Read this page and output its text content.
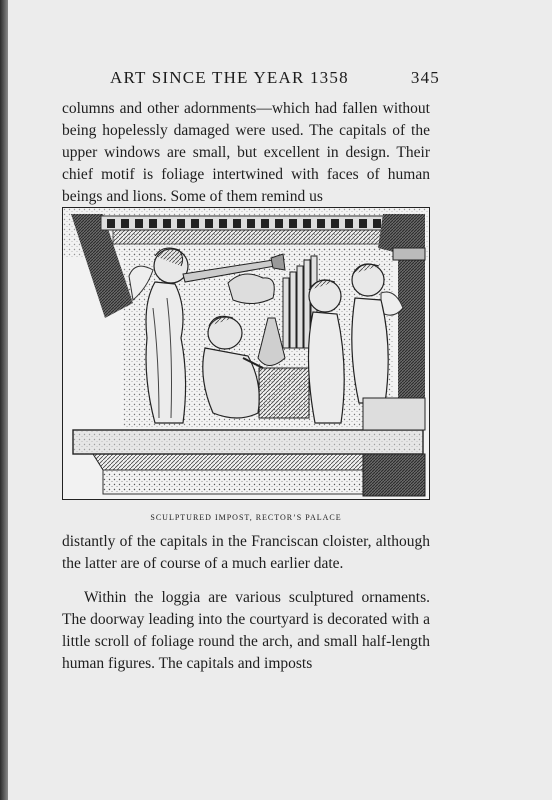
ART SINCE THE YEAR 1358	345

columns and other adornments—which had fallen without being hopelessly damaged were used. The capitals of the upper windows are small, but excellent in design. Their chief motif is foliage intertwined with faces of human beings and lions. Some of them remind us

SCULPTURED IMPOST, RECTOR’S PALACE

distantly of the capitals in the Franciscan cloister, although the latter are of course of a much earlier date.

Within the loggia are various sculptured ornaments. The doorway leading into the courtyard is decorated with a little scroll of foliage round the arch, and small half-length human figures. The capitals and imposts
